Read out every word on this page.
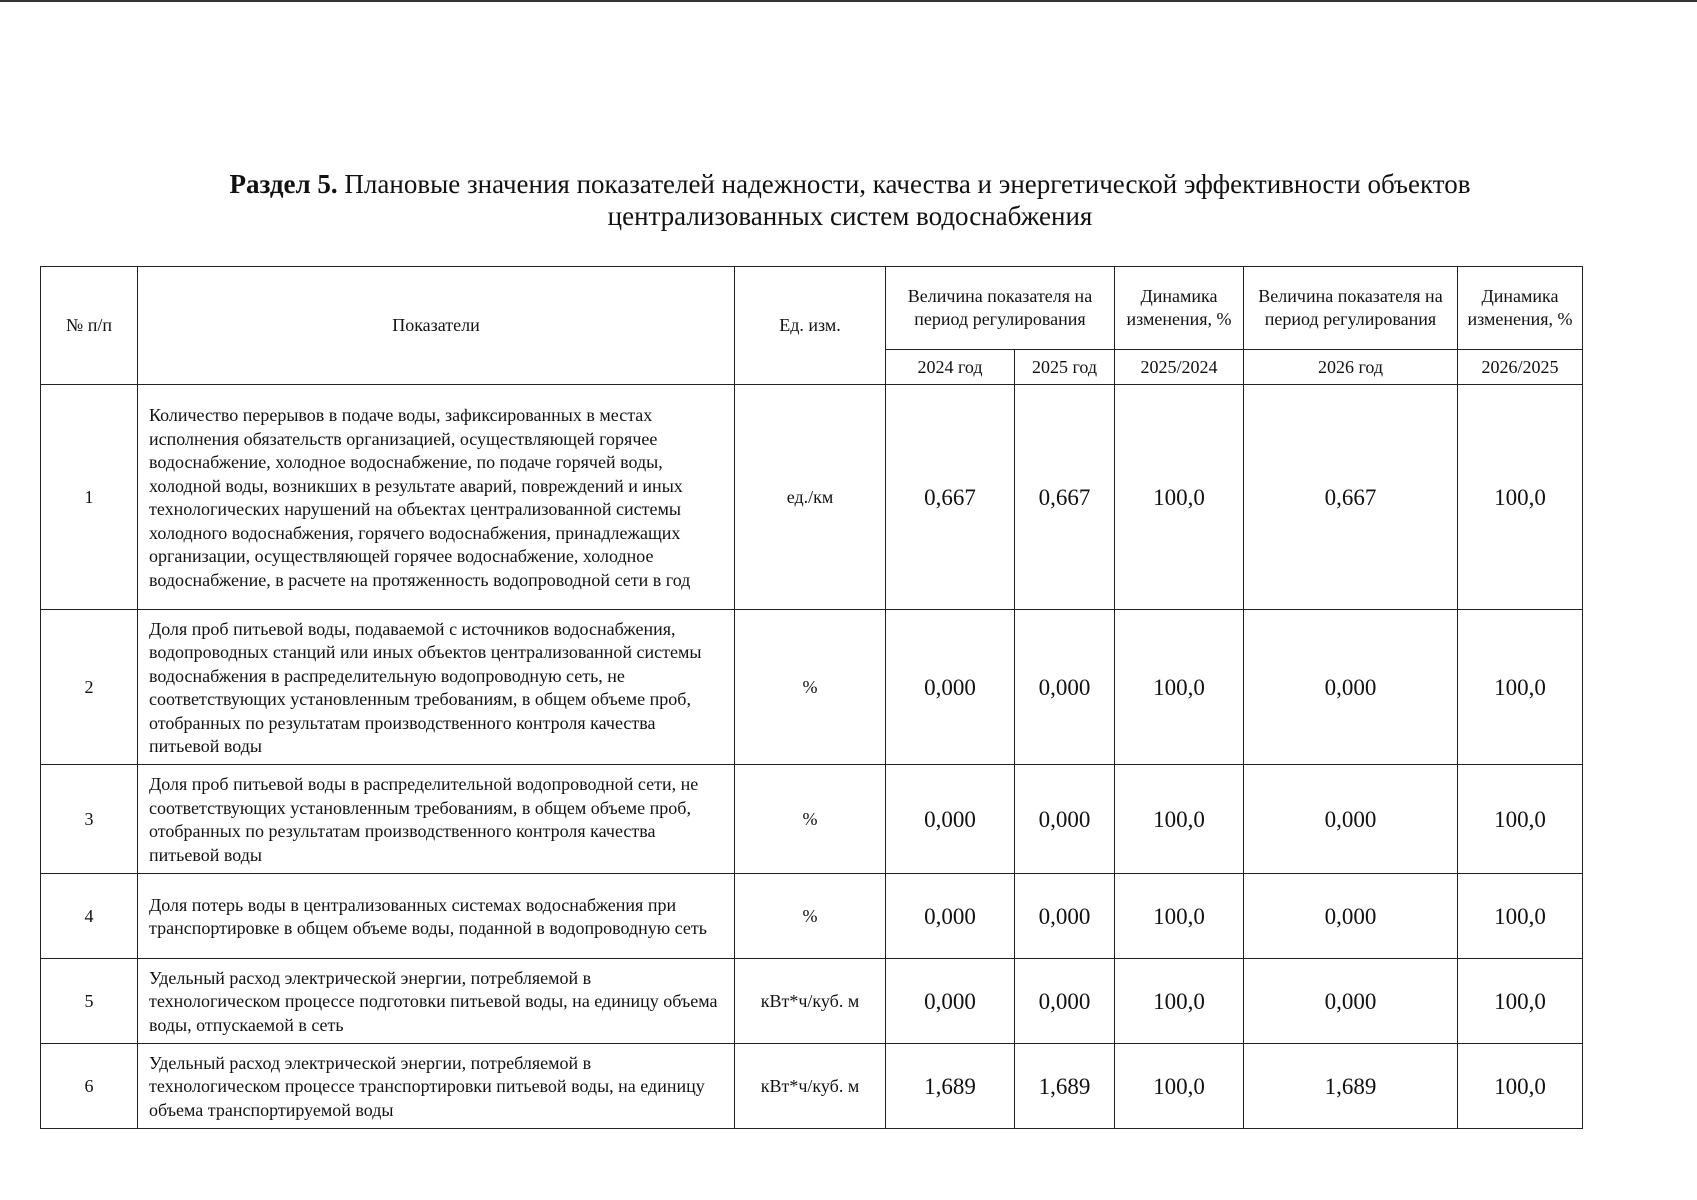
Раздел 5. Плановые значения показателей надежности, качества и энергетической эффективности объектов
централизованных систем водоснабжения
№ п/п	Показатели	Ед. изм.	Величина показателя на период регулирования		Динамика изменения, %	Величина показателя на период регулирования	Динамика изменения, %
			2024 год	2025 год	2025/2024	2026 год	2026/2025
1	Количество перерывов в подаче воды, зафиксированных в местах исполнения обязательств организацией, осуществляющей горячее водоснабжение, холодное водоснабжение, по подаче горячей воды, холодной воды, возникших в результате аварий, повреждений и иных технологических нарушений на объектах централизованной системы холодного водоснабжения, горячего водоснабжения, принадлежащих организации, осуществляющей горячее водоснабжение, холодное водоснабжение, в расчете на протяженность водопроводной сети в год	ед./км	0,667	0,667	100,0	0,667	100,0
2	Доля проб питьевой воды, подаваемой с источников водоснабжения, водопроводных станций или иных объектов централизованной системы водоснабжения в распределительную водопроводную сеть, не соответствующих установленным требованиям, в общем объеме проб, отобранных по результатам производственного контроля качества питьевой воды	%	0,000	0,000	100,0	0,000	100,0
3	Доля проб питьевой воды в распределительной водопроводной сети, не соответствующих установленным требованиям, в общем объеме проб, отобранных по результатам производственного контроля качества питьевой воды	%	0,000	0,000	100,0	0,000	100,0
4	Доля потерь воды в централизованных системах водоснабжения при транспортировке в общем объеме воды, поданной в водопроводную сеть	%	0,000	0,000	100,0	0,000	100,0
5	Удельный расход электрической энергии, потребляемой в технологическом процессе подготовки питьевой воды, на единицу объема воды, отпускаемой в сеть	кВт*ч/куб. м	0,000	0,000	100,0	0,000	100,0
6	Удельный расход электрической энергии, потребляемой в технологическом процессе транспортировки питьевой воды, на единицу объема транспортируемой воды	кВт*ч/куб. м	1,689	1,689	100,0	1,689	100,0
